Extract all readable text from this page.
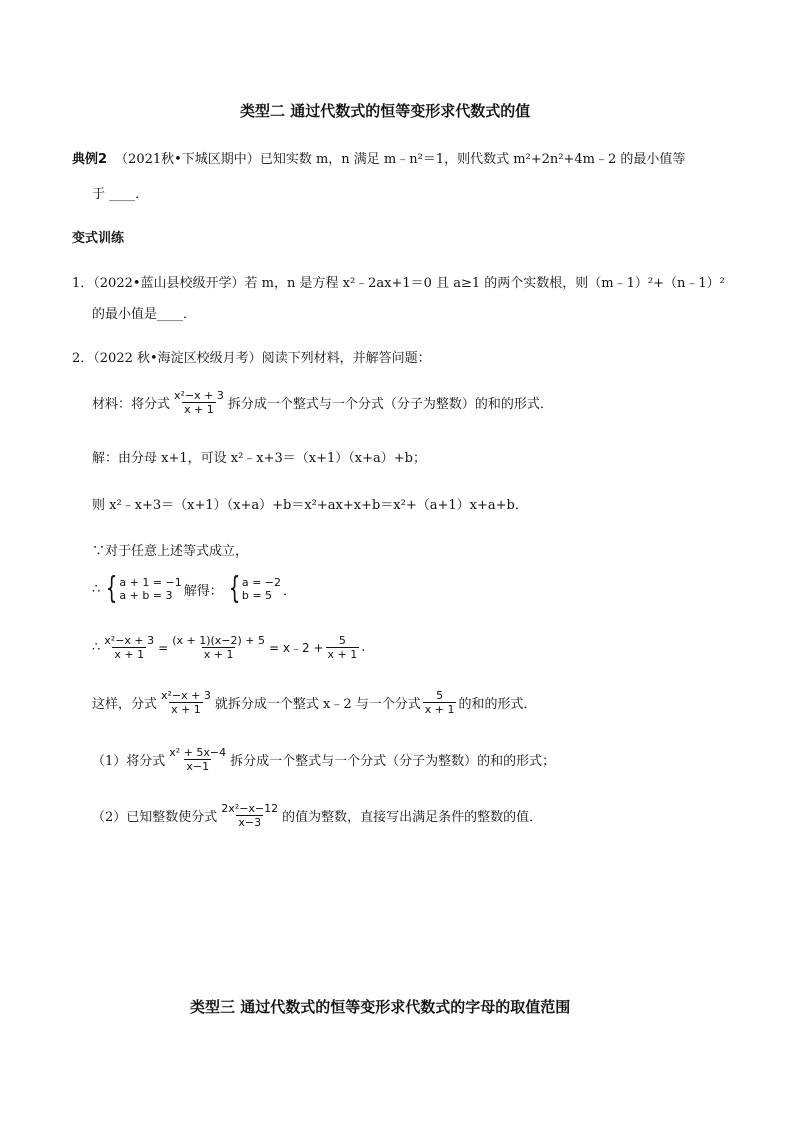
类型二 通过代数式的恒等变形求代数式的值
典例2 （2021秋•下城区期中） 已知实数 m，n 满足 m﹣n²＝1，则代数式 m²+2n²+4m﹣2 的最小值等
于 ____．
变式训练
1．（2022•蓝山县校级开学）若 m，n 是方程 x²﹣2ax+1＝0 且 a≥1 的两个实数根，则（m﹣1）²+（n﹣1）²
的最小值是____．
2．（2022 秋•海淀区校级月考）阅读下列材料，并解答问题：
材料：将分式 $\frac{\text{x²−x + 3}}{x + 1}$ 拆分成一个整式与一个分式（分子为整数）的和的形式．
解：由分母 x+1，可设 x²﹣x+3＝（x+1）（x+a）+b；
则 x²﹣x+3＝（x+1）（x+a）+b＝x²+ax+x+b＝x²+（a+1）x+a+b．
∵对于任意上述等式成立，
∴ { a + 1 = −1
a + b = 3 解得： { a = −2
b = 5 ．
∴ $\frac{\text{x²−x + 3}}{x + 1} = \frac{(x + 1)(x-2) + 5}{x + 1}$ = x﹣2 + $\frac{5}{x + 1}$ .
这样，分式 $\frac{\text{x²−x + 3}}{x + 1}$ 就拆分成一个整式 x﹣2 与一个分式 $\frac{5}{x + 1}$ 的和的形式．
（1）将分式 $\frac{\text{x² + 5x−4}}{x-1}$ 拆分成一个整式与一个分式（分子为整数）的和的形式；
（2）已知整数使分式 $\frac{\text{2x²−x−12}}{x-3}$ 的值为整数，直接写出满足条件的整数的值．
类型三 通过代数式的恒等变形求代数式的字母的取值范围
